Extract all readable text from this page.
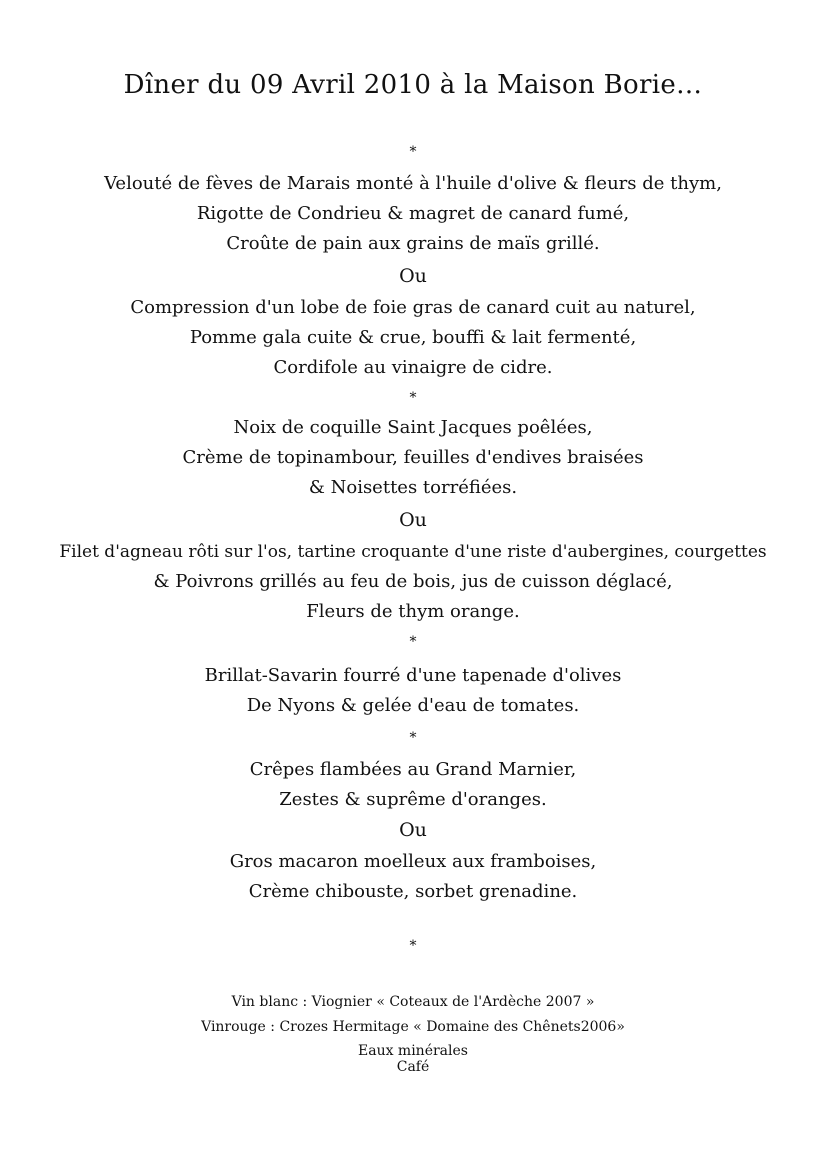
Dîner du 09 Avril 2010 à la Maison Borie…
*
Velouté de fèves de Marais monté à l'huile d'olive & fleurs de thym,
Rigotte de Condrieu & magret de canard fumé,
Croûte de pain aux grains de maïs grillé.
Ou
Compression d'un lobe de foie gras de canard cuit au naturel,
Pomme gala cuite & crue, bouffi & lait fermenté,
Cordifole au vinaigre de cidre.
*
Noix de coquille Saint Jacques poêlées,
Crème de topinambour, feuilles d'endives braisées
& Noisettes torréfiées.
Ou
Filet d'agneau rôti sur l'os, tartine croquante d'une riste d'aubergines, courgettes
& Poivrons grillés au feu de bois, jus de cuisson déglacé,
Fleurs de thym orange.
*
Brillat-Savarin fourré d'une tapenade d'olives
De Nyons & gelée d'eau de tomates.
*
Crêpes flambées au Grand Marnier,
Zestes & suprême d'oranges.
Ou
Gros macaron moelleux aux framboises,
Crème chibouste, sorbet grenadine.
*
Vin blanc : Viognier « Coteaux de l'Ardèche 2007 »
Vinrouge : Crozes Hermitage « Domaine des Chênets2006»
Eaux minérales
Café
